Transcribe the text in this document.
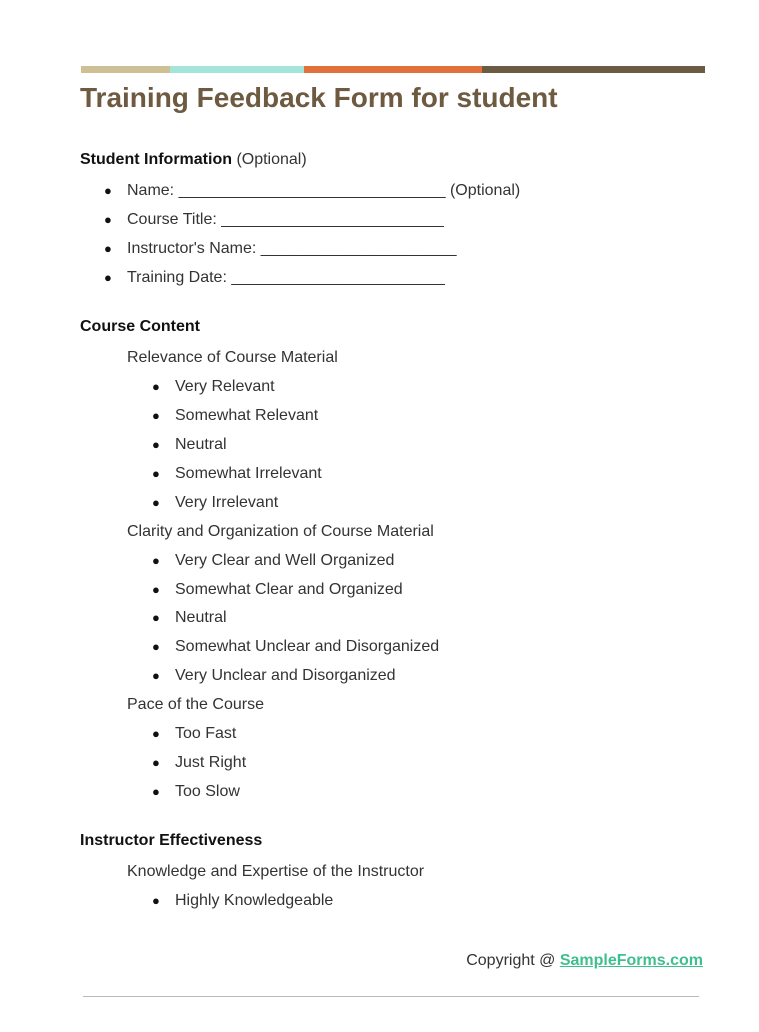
Training Feedback Form for student
Student Information (Optional)
● Name: ______________________________ (Optional)
● Course Title: _________________________
● Instructor's Name: ______________________
● Training Date: ________________________
Course Content
Relevance of Course Material
● Very Relevant
● Somewhat Relevant
● Neutral
● Somewhat Irrelevant
● Very Irrelevant
Clarity and Organization of Course Material
● Very Clear and Well Organized
● Somewhat Clear and Organized
● Neutral
● Somewhat Unclear and Disorganized
● Very Unclear and Disorganized
Pace of the Course
● Too Fast
● Just Right
● Too Slow
Instructor Effectiveness
Knowledge and Expertise of the Instructor
● Highly Knowledgeable
Copyright @ SampleForms.com
